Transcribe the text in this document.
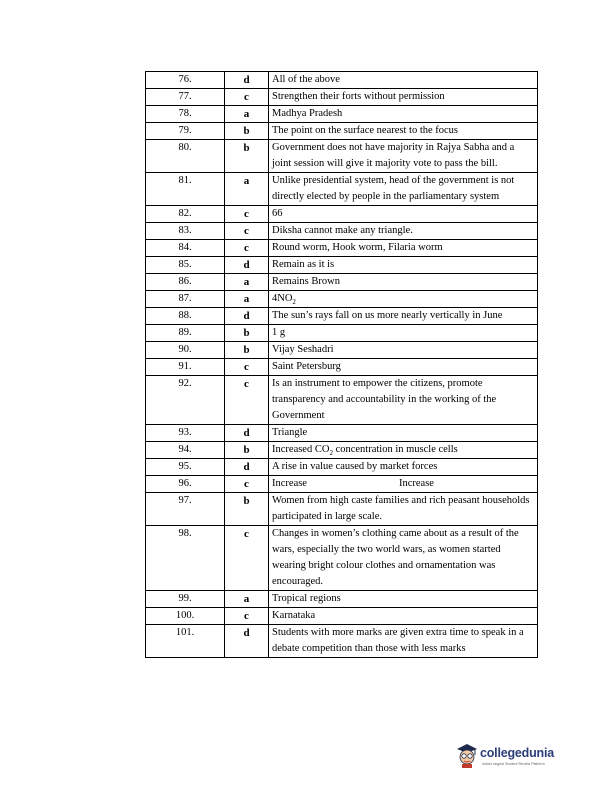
76.	d	All of the above
77.	c	Strengthen their forts without permission
78.	a	Madhya Pradesh
79.	b	The point on the surface nearest to the focus
80.	b	Government does not have majority in Rajya Sabha and a joint session will give it majority vote to pass the bill.
81.	a	Unlike presidential system, head of the government is not directly elected by people in the parliamentary system
82.	c	66
83.	c	Diksha cannot make any triangle.
84.	c	Round worm, Hook worm, Filaria worm
85.	d	Remain as it is
86.	a	Remains Brown
87.	a	$4NO_2$
88.	d	The sun’s rays fall on us more nearly vertically in June
89.	b	1 g
90.	b	Vijay Seshadri
91.	c	Saint Petersburg
92.	c	Is an instrument to empower the citizens, promote transparency and accountability in the working of the Government
93.	d	Triangle
94.	b	Increased $CO_2$ concentration in muscle cells
95.	d	A rise in value caused by market forces
96.	c	Increase Increase
97.	b	Women from high caste families and rich peasant households participated in large scale.
98.	c	Changes in women’s clothing came about as a result of the wars, especially the two world wars, as women started wearing bright colour clothes and ornamentation was encouraged.
99.	a	Tropical regions
100.	c	Karnataka
101.	d	Students with more marks are given extra time to speak in a debate competition than those with less marks
collegedunia
India's largest Student Review Platform
